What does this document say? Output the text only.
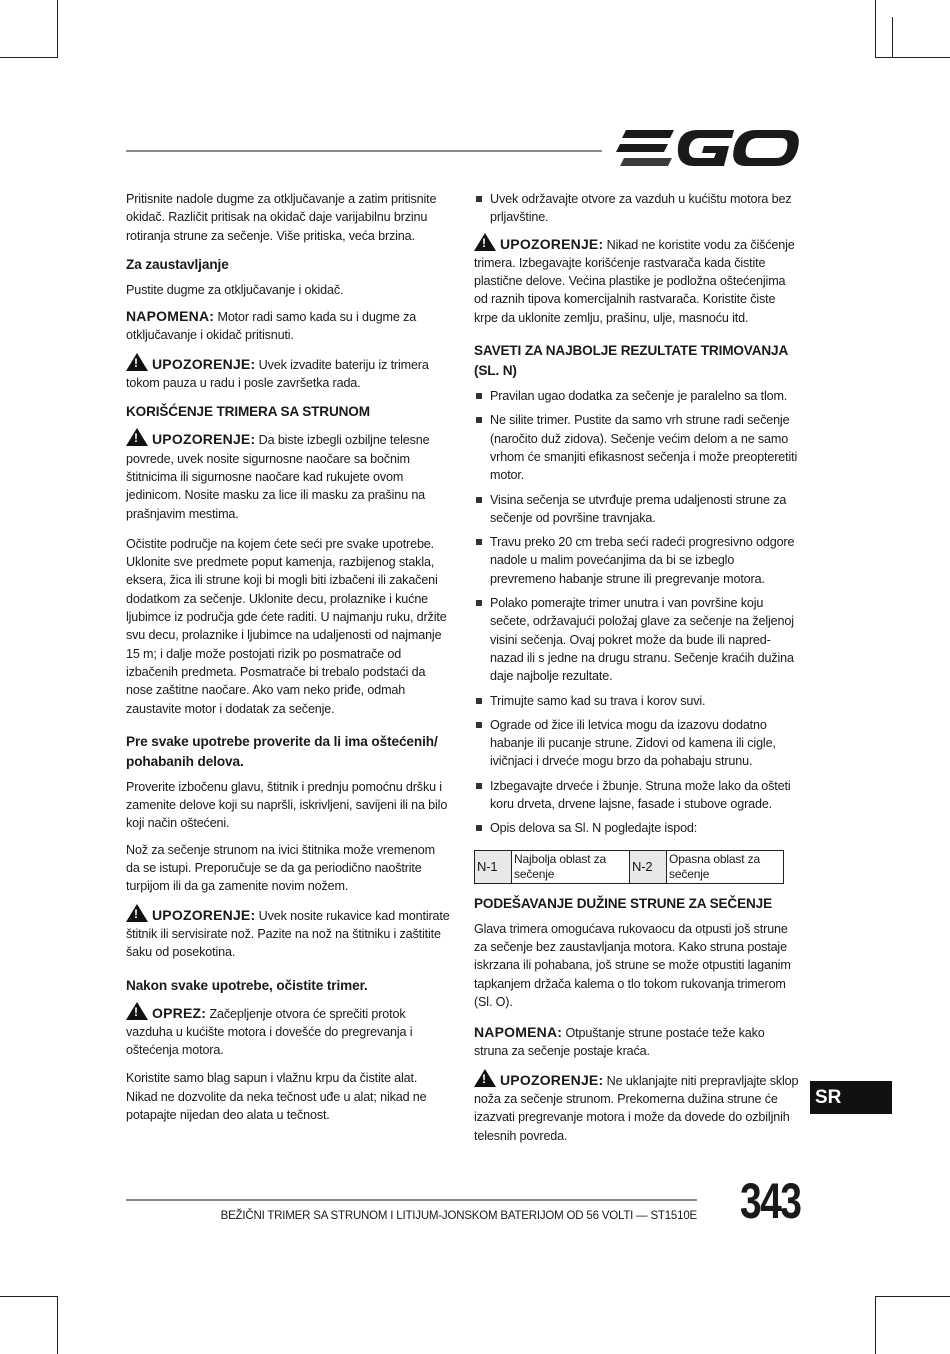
Pritisnite nadole dugme za otključavanje a zatim pritisnite okidač. Različit pritisak na okidač daje varijabilnu brzinu rotiranja strune za sečenje. Više pritiska, veća brzina.

Za zaustavljanje

Pustite dugme za otključavanje i okidač.

NAPOMENA: Motor radi samo kada su i dugme za otključavanje i okidač pritisnuti.

!UPOZORENJE: Uvek izvadite bateriju iz trimera tokom pauza u radu i posle završetka rada.

KORIŠĆENJE TRIMERA SA STRUNOM

!UPOZORENJE: Da biste izbegli ozbiljne telesne povrede, uvek nosite sigurnosne naočare sa bočnim štitnicima ili sigurnosne naočare kad rukujete ovom jedinicom. Nosite masku za lice ili masku za prašinu na prašnjavim mestima.

Očistite područje na kojem ćete seći pre svake upotrebe. Uklonite sve predmete poput kamenja, razbijenog stakla, eksera, žica ili strune koji bi mogli biti izbačeni ili zakačeni dodatkom za sečenje. Uklonite decu, prolaznike i kućne ljubimce iz područja gde ćete raditi. U najmanju ruku, držite svu decu, prolaznike i ljubimce na udaljenosti od najmanje 15 m; i dalje može postojati rizik po posmatrače od izbačenih predmeta. Posmatrače bi trebalo podstaći da nose zaštitne naočare. Ako vam neko priđe, odmah zaustavite motor i dodatak za sečenje.

Pre svake upotrebe proverite da li ima oštećenih/ pohabanih delova.

Proverite izbočenu glavu, štitnik i prednju pomoćnu dršku i zamenite delove koji su napršli, iskrivljeni, savijeni ili na bilo koji način oštećeni.

Nož za sečenje strunom na ivici štitnika može vremenom da se istupi. Preporučuje se da ga periodično naoštrite turpijom ili da ga zamenite novim nožem.

!UPOZORENJE: Uvek nosite rukavice kad montirate štitnik ili servisirate nož. Pazite na nož na štitniku i zaštitite šaku od posekotina.

Nakon svake upotrebe, očistite trimer.

!OPREZ: Začepljenje otvora će sprečiti protok vazduha u kućište motora i dovešće do pregrevanja i oštećenja motora.

Koristite samo blag sapun i vlažnu krpu da čistite alat. Nikad ne dozvolite da neka tečnost uđe u alat; nikad ne potapajte nijedan deo alata u tečnost.

Uvek održavajte otvore za vazduh u kućištu motora bez prljavštine.

!UPOZORENJE: Nikad ne koristite vodu za čišćenje trimera. Izbegavajte korišćenje rastvarača kada čistite plastične delove. Većina plastike je podložna oštećenjima od raznih tipova komercijalnih rastvarača. Koristite čiste krpe da uklonite zemlju, prašinu, ulje, masnoću itd.

SAVETI ZA NAJBOLJE REZULTATE TRIMOVANJA (SL. N)
Pravilan ugao dodatka za sečenje je paralelno sa tlom.
Ne silite trimer. Pustite da samo vrh strune radi sečenje (naročito duž zidova). Sečenje većim delom a ne samo vrhom će smanjiti efikasnost sečenja i može preopteretiti motor.
Visina sečenja se utvrđuje prema udaljenosti strune za sečenje od površine travnjaka.
Travu preko 20 cm treba seći radeći progresivno odgore nadole u malim povećanjima da bi se izbeglo prevremeno habanje strune ili pregrevanje motora.
Polako pomerajte trimer unutra i van površine koju sečete, održavajući položaj glave za sečenje na željenoj visini sečenja. Ovaj pokret može da bude ili napred-nazad ili s jedne na drugu stranu. Sečenje kraćih dužina daje najbolje rezultate.
Trimujte samo kad su trava i korov suvi.
Ograde od žice ili letvica mogu da izazovu dodatno habanje ili pucanje strune. Zidovi od kamena ili cigle, ivičnjaci i drveće mogu brzo da pohabaju strunu.
Izbegavajte drveće i žbunje. Struna može lako da ošteti koru drveta, drvene lajsne, fasade i stubove ograde.
Opis delova sa Sl. N pogledajte ispod:
N-1	Najbolja oblast za sečenje	N-2	Opasna oblast za sečenje
PODEŠAVANJE DUŽINE STRUNE ZA SEČENJE

Glava trimera omogućava rukovaocu da otpusti još strune za sečenje bez zaustavljanja motora. Kako struna postaje iskrzana ili pohabana, još strune se može otpustiti laganim tapkanjem držača kalema o tlo tokom rukovanja trimerom (Sl. O).

NAPOMENA: Otpuštanje strune postaće teže kako struna za sečenje postaje kraća.

!UPOZORENJE: Ne uklanjajte niti prepravljajte sklop noža za sečenje strunom. Prekomerna dužina strune će izazvati pregrevanje motora i može da dovede do ozbiljnih telesnih povreda.

SR
BEŽIČNI TRIMER SA STRUNOM I LITIJUM-JONSKOM BATERIJOM OD 56 VOLTI — ST1510E 343
